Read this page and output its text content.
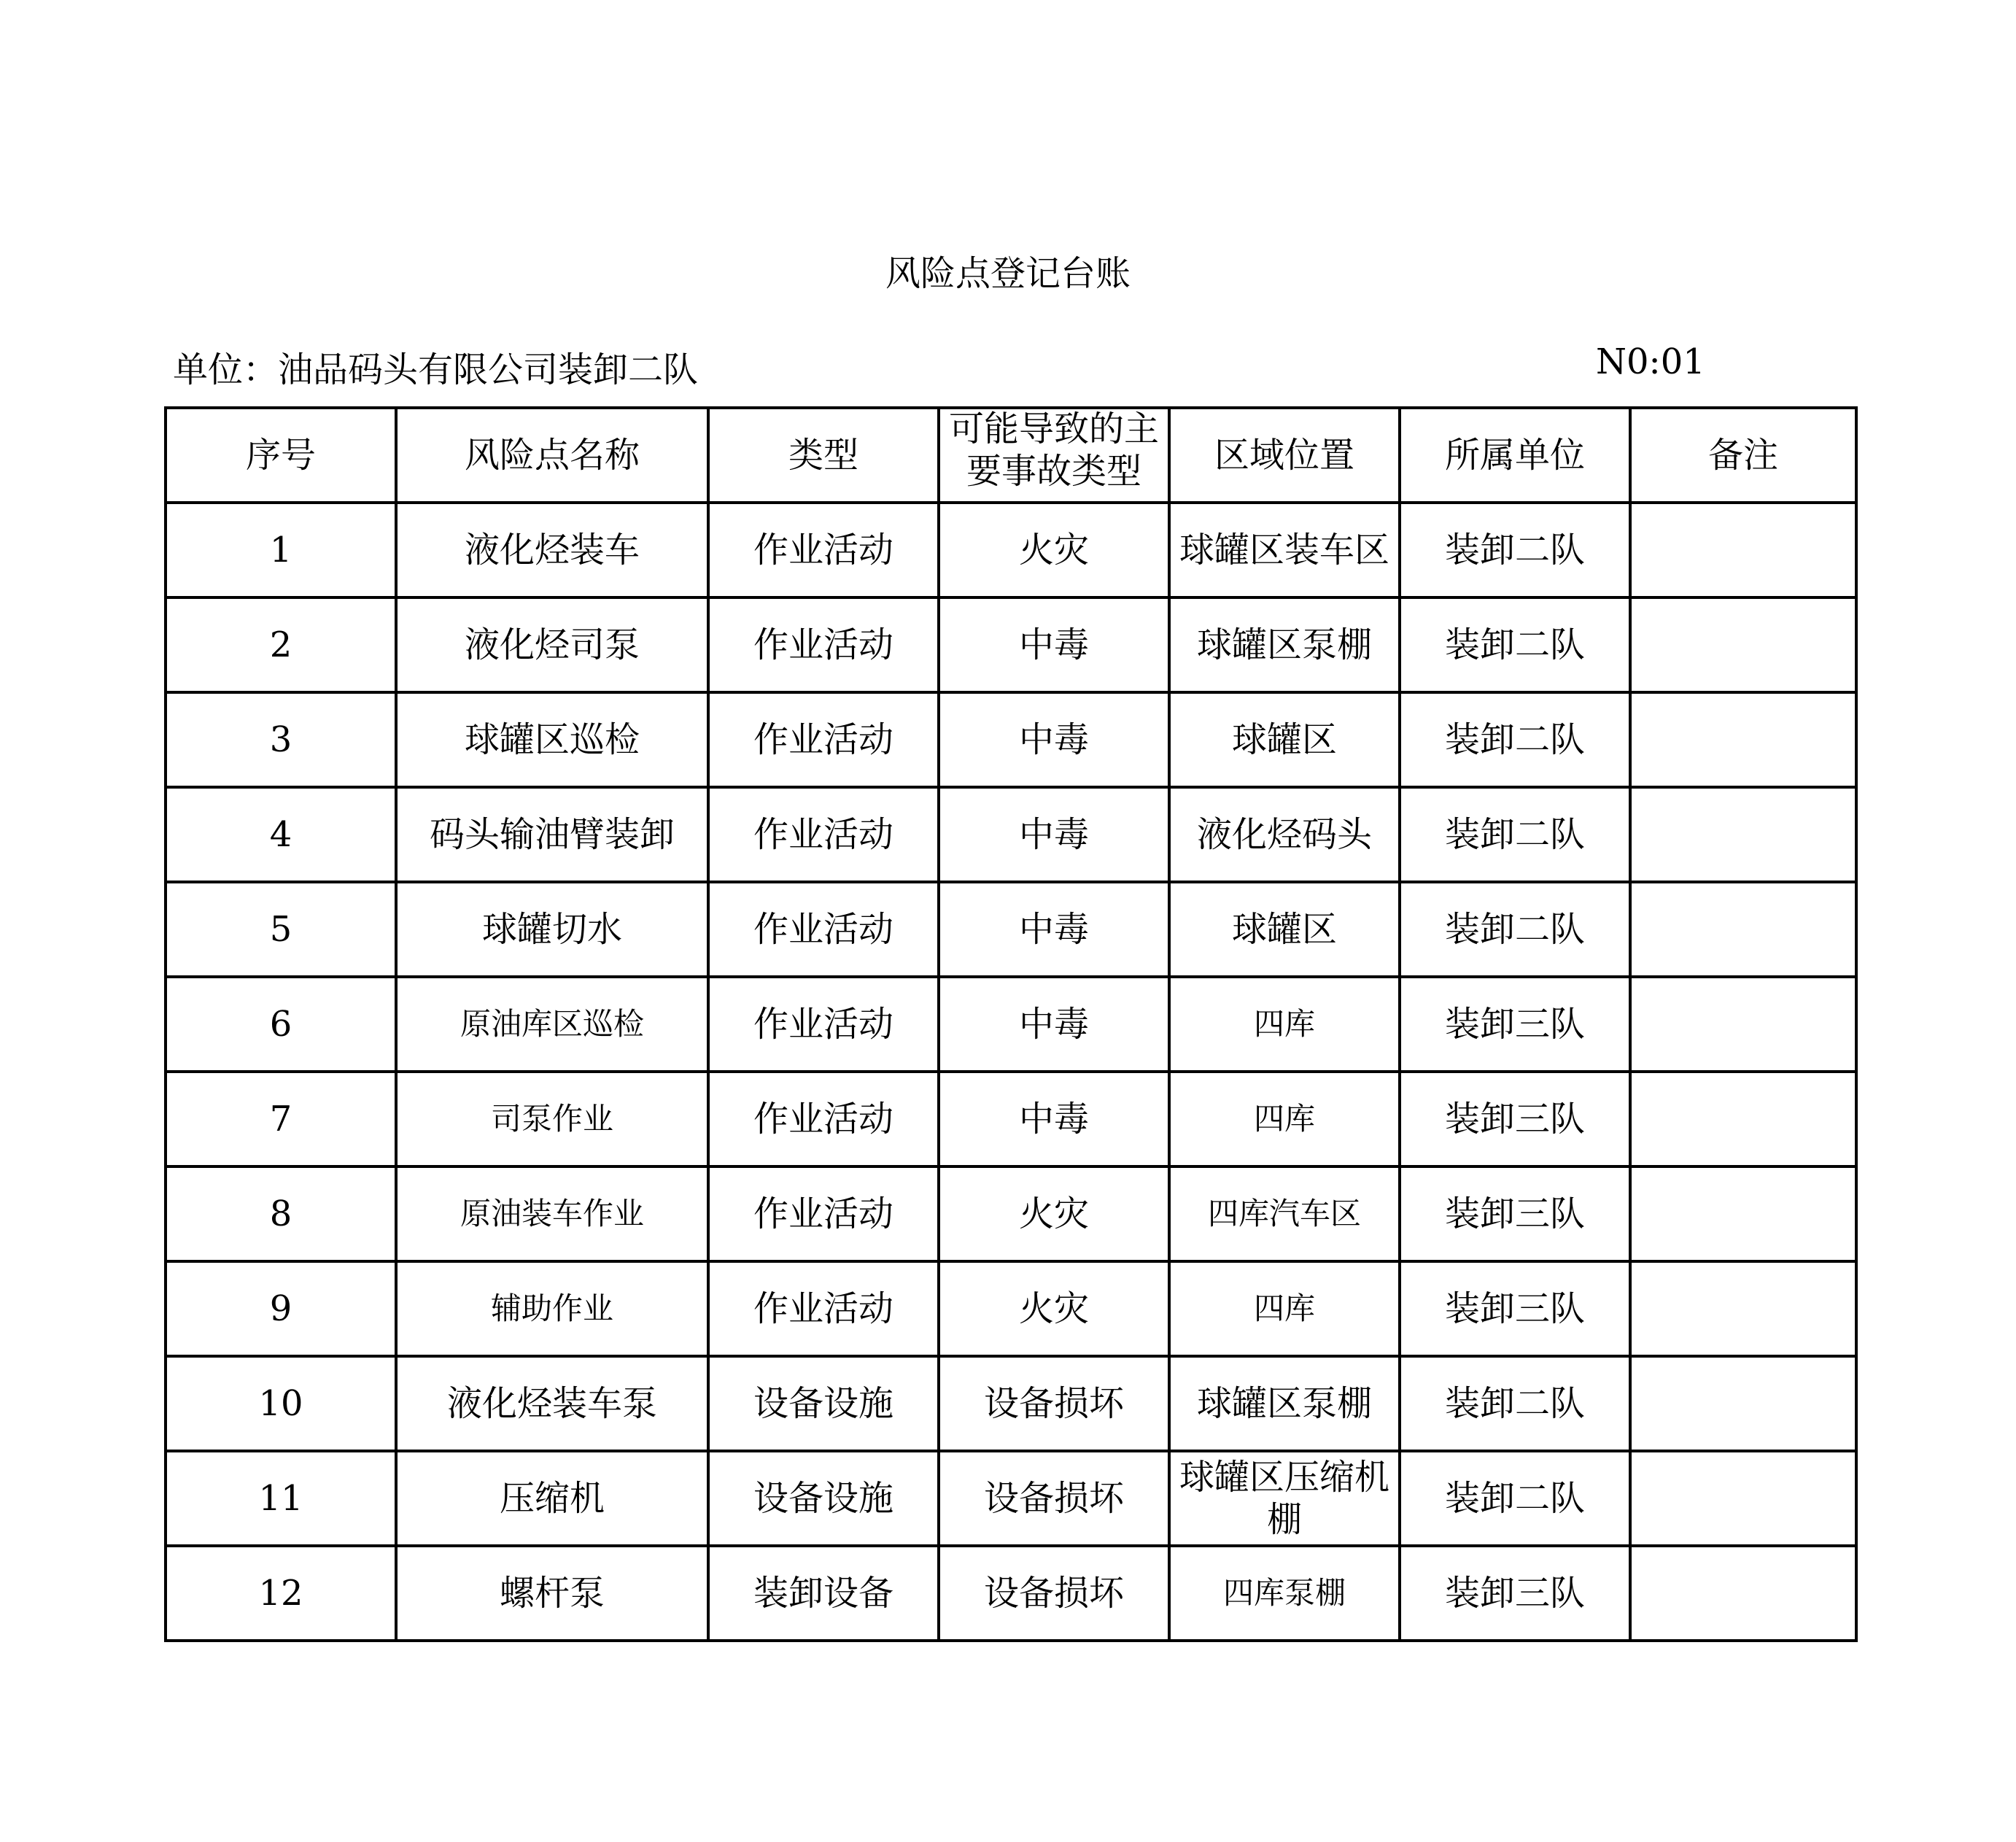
风险点登记台账
单位：油品码头有限公司装卸二队	N0:01
序号	风险点名称	类型	可能导致的主要事故类型	区域位置	所属单位	备注
1	液化烃装车	作业活动	火灾	球罐区装车区	装卸二队	
2	液化烃司泵	作业活动	中毒	球罐区泵棚	装卸二队	
3	球罐区巡检	作业活动	中毒	球罐区	装卸二队	
4	码头输油臂装卸	作业活动	中毒	液化烃码头	装卸二队	
5	球罐切水	作业活动	中毒	球罐区	装卸二队	
6	原油库区巡检	作业活动	中毒	四库	装卸三队	
7	司泵作业	作业活动	中毒	四库	装卸三队	
8	原油装车作业	作业活动	火灾	四库汽车区	装卸三队	
9	辅助作业	作业活动	火灾	四库	装卸三队	
10	液化烃装车泵	设备设施	设备损坏	球罐区泵棚	装卸二队	
11	压缩机	设备设施	设备损坏	球罐区压缩机棚	装卸二队	
12	螺杆泵	装卸设备	设备损坏	四库泵棚	装卸三队	
